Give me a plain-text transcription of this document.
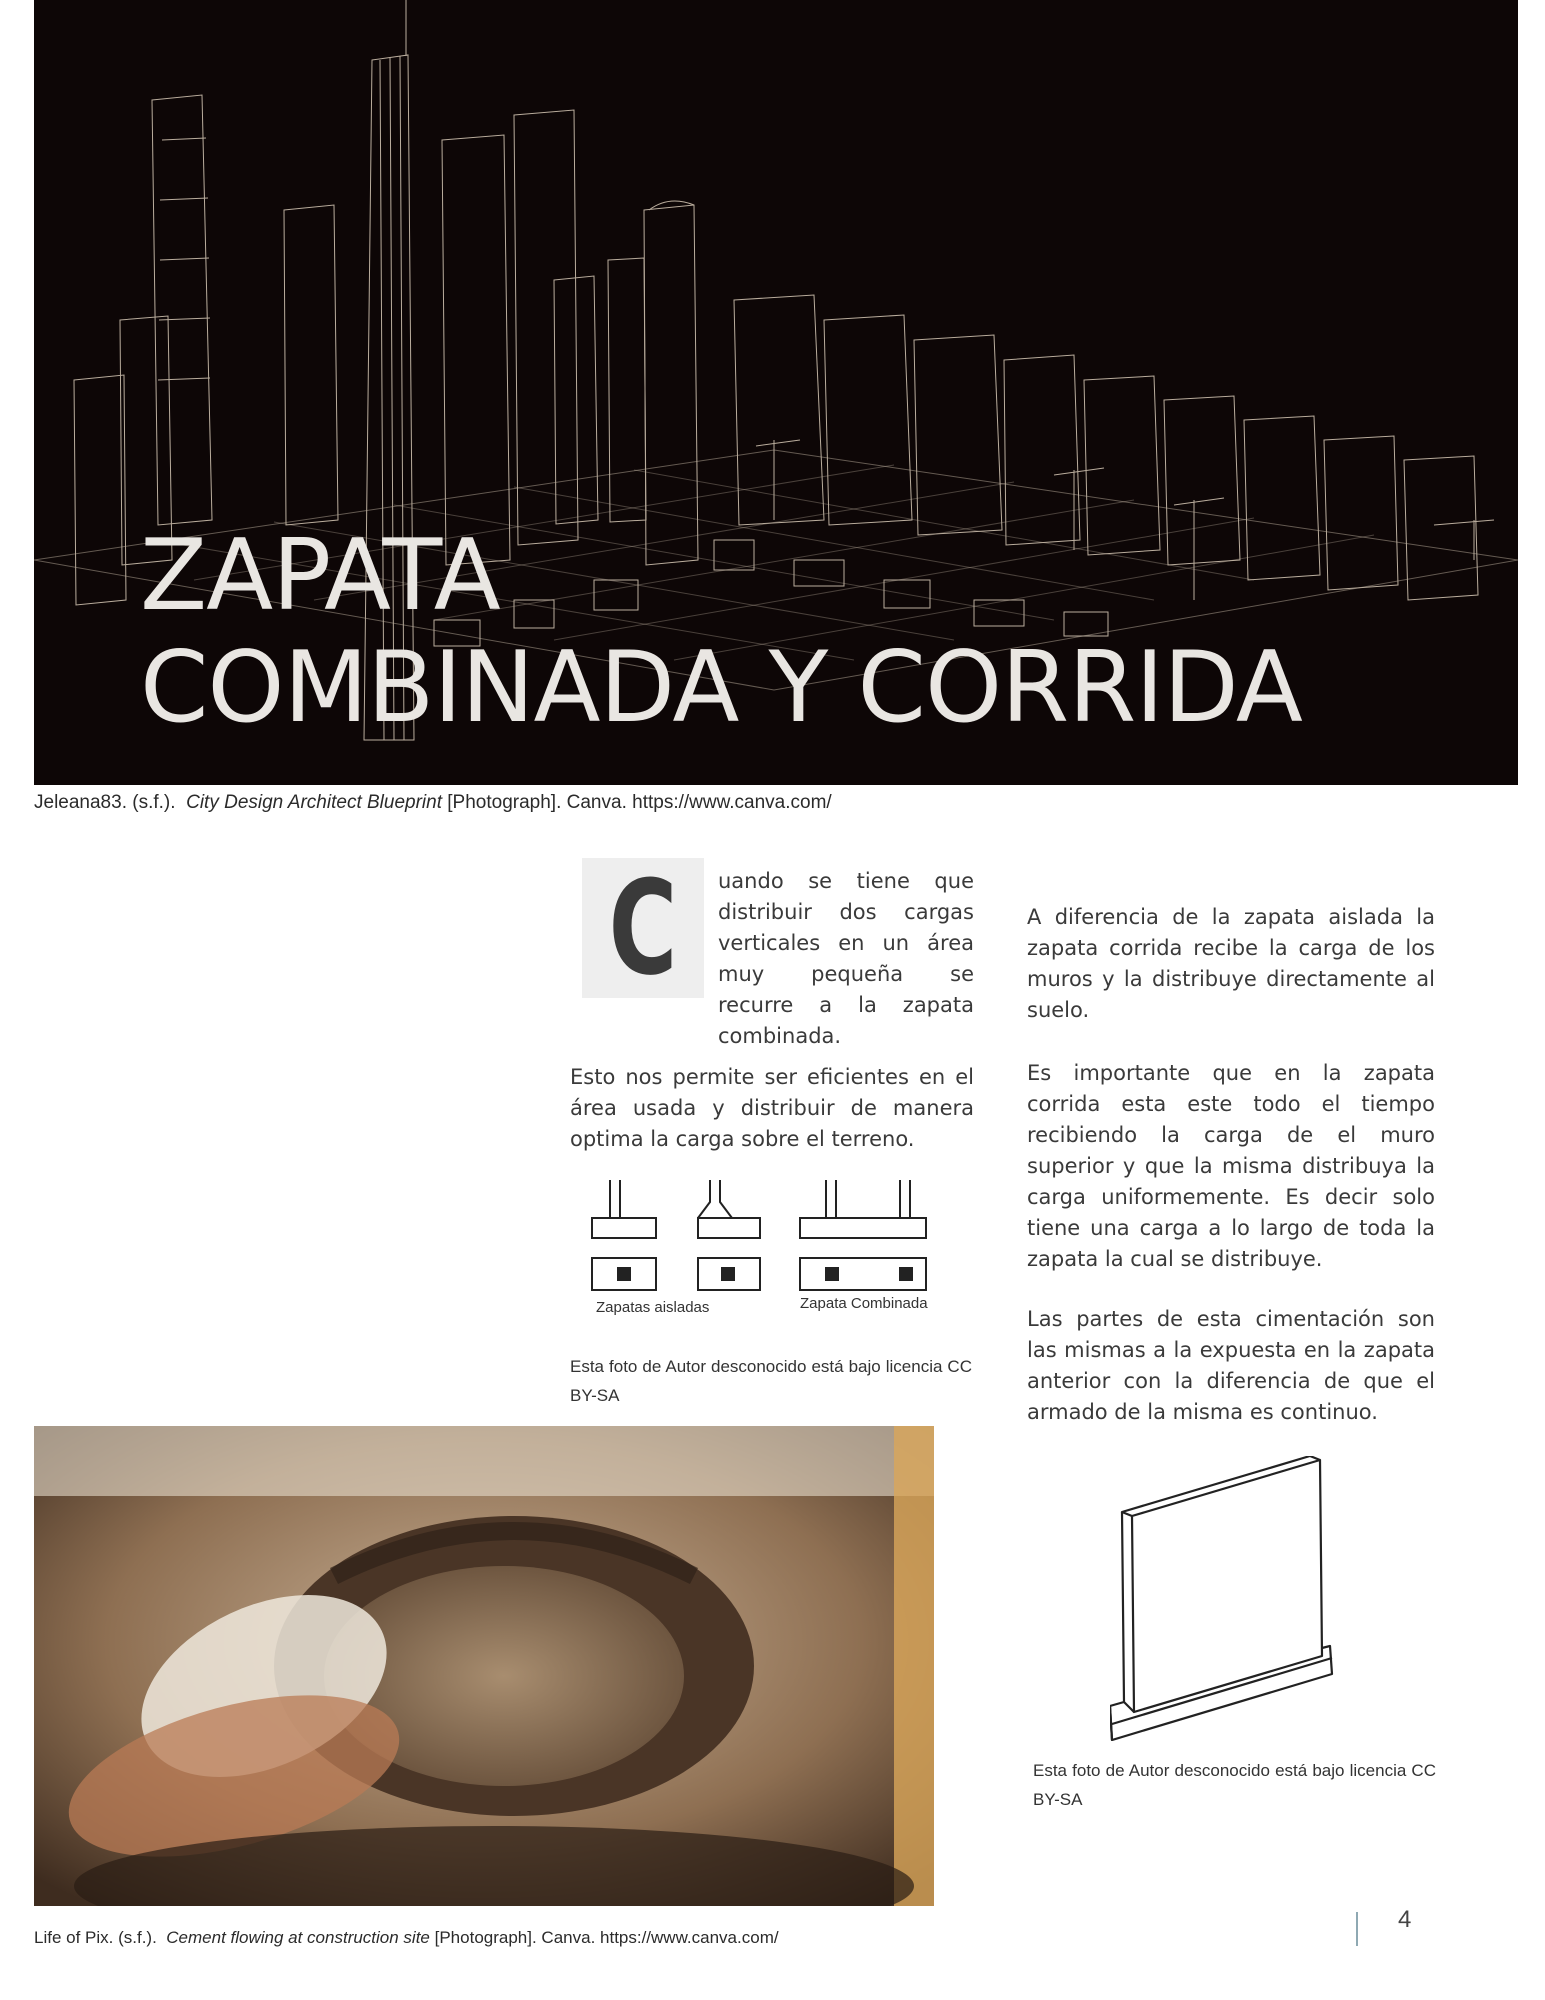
ZAPATA
COMBINADA Y CORRIDA
Jeleana83. (s.f.). City Design Architect Blueprint [Photograph]. Canva. https://www.canva.com/
C	uando se tiene que distribuir dos cargas verticales en un área muy pequeña se recurre a la zapata combinada.

Esto nos permite ser eficientes en el área usada y distribuir de manera optima la carga sobre el terreno.

Zapatas aisladas	Zapata Combinada

Esta foto de Autor desconocido está bajo licencia CC BY-SA

A diferencia de la zapata aislada la zapata corrida recibe la carga de los muros y la distribuye directamente al suelo.

Es importante que en la zapata corrida esta este todo el tiempo recibiendo la carga de el muro superior y que la misma distribuya la carga uniformemente. Es decir solo tiene una carga a lo largo de toda la zapata la cual se distribuye.

Las partes de esta cimentación son las mismas a la expuesta en la zapata anterior con la diferencia de que el armado de la misma es continuo.

Esta foto de Autor desconocido está bajo licencia CC BY-SA

Life of Pix. (s.f.). Cement flowing at construction site [Photograph]. Canva. https://www.canva.com/
4
